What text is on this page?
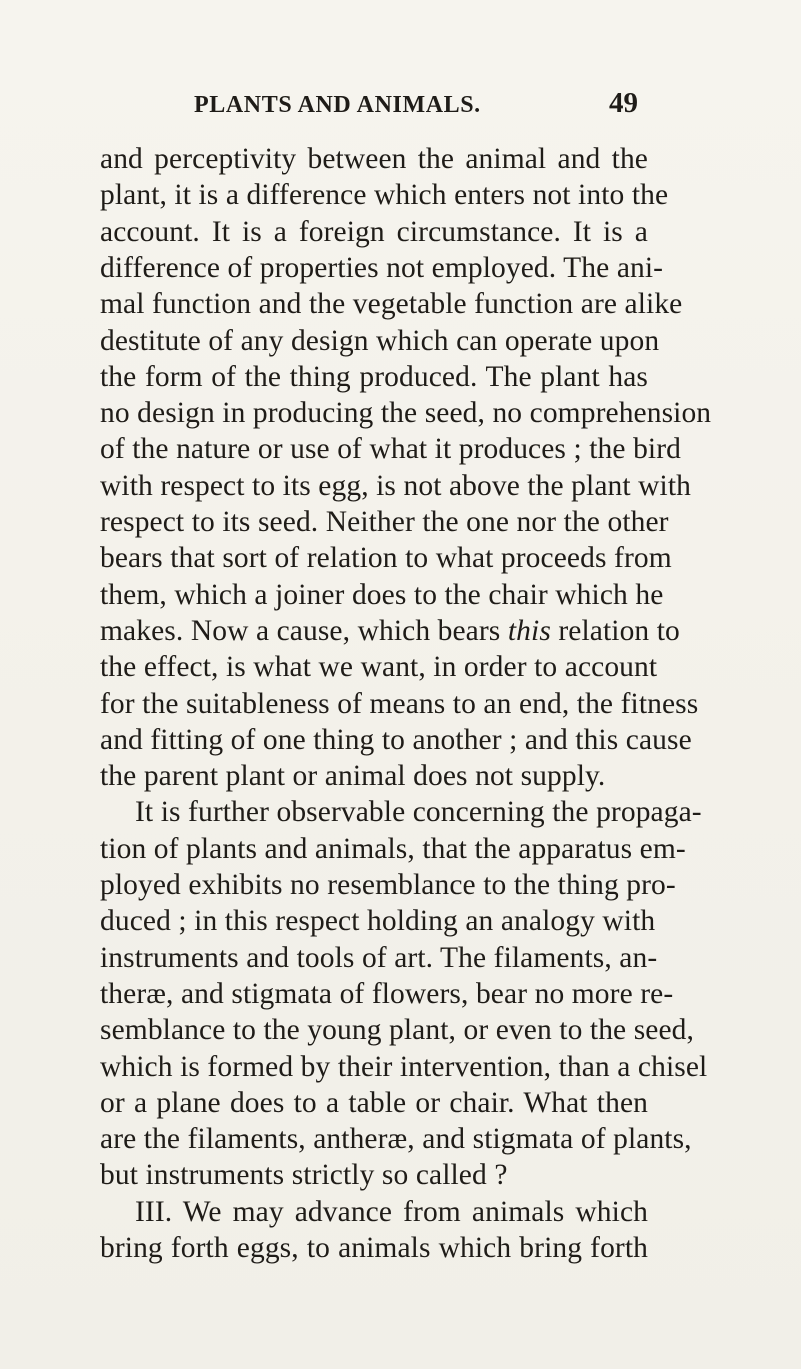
PLANTS AND ANIMALS.	49
and perceptivity between the animal and the
plant, it is a difference which enters not into the
account. It is a foreign circumstance. It is a
difference of properties not employed. The ani-
mal function and the vegetable function are alike
destitute of any design which can operate upon
the form of the thing produced. The plant has
no design in producing the seed, no comprehension
of the nature or use of what it produces ; the bird
with respect to its egg, is not above the plant with
respect to its seed. Neither the one nor the other
bears that sort of relation to what proceeds from
them, which a joiner does to the chair which he
makes. Now a cause, which bears this relation to
the effect, is what we want, in order to account
for the suitableness of means to an end, the fitness
and fitting of one thing to another ; and this cause
the parent plant or animal does not supply.
It is further observable concerning the propaga-
tion of plants and animals, that the apparatus em-
ployed exhibits no resemblance to the thing pro-
duced ; in this respect holding an analogy with
instruments and tools of art. The filaments, an-
theræ, and stigmata of flowers, bear no more re-
semblance to the young plant, or even to the seed,
which is formed by their intervention, than a chisel
or a plane does to a table or chair. What then
are the filaments, antheræ, and stigmata of plants,
but instruments strictly so called ?
III. We may advance from animals which
bring forth eggs, to animals which bring forth
